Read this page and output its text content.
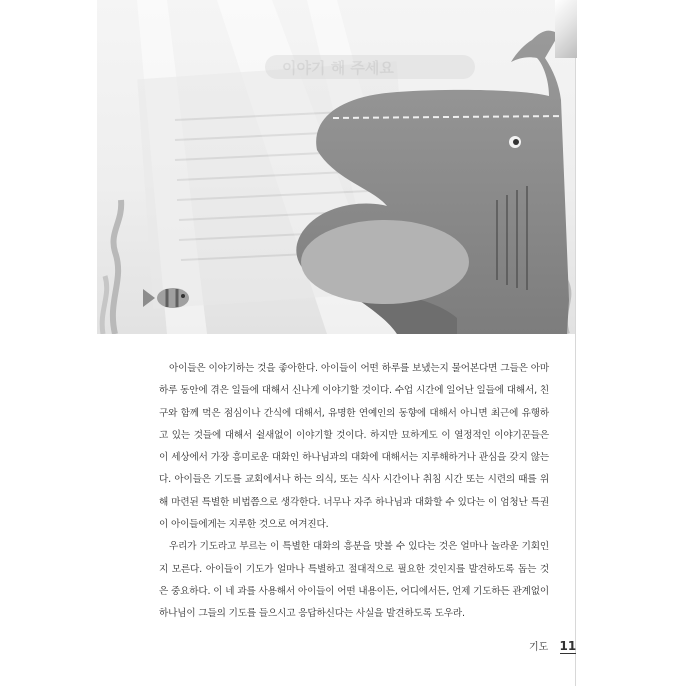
이야기 해 주세요

아이들은 이야기하는 것을 좋아한다. 아이들이 어떤 하루를 보냈는지 물어본다면 그들은 아마 하루 동안에 겪은 일들에 대해서 신나게 이야기할 것이다. 수업 시간에 일어난 일들에 대해서, 친구와 함께 먹은 점심이나 간식에 대해서, 유명한 연예인의 동향에 대해서 아니면 최근에 유행하고 있는 것들에 대해서 쉴새없이 이야기할 것이다. 하지만 묘하게도 이 열정적인 이야기꾼들은 이 세상에서 가장 흥미로운 대화인 하나님과의 대화에 대해서는 지루해하거나 관심을 갖지 않는다. 아이들은 기도를 교회에서나 하는 의식, 또는 식사 시간이나 취침 시간 또는 시련의 때를 위해 마련된 특별한 비법쯤으로 생각한다. 너무나 자주 하나님과 대화할 수 있다는 이 엄청난 특권이 아이들에게는 지루한 것으로 여겨진다.

우리가 기도라고 부르는 이 특별한 대화의 흥분을 맛볼 수 있다는 것은 얼마나 놀라운 기회인지 모른다. 아이들이 기도가 얼마나 특별하고 절대적으로 필요한 것인지를 발견하도록 돕는 것은 중요하다. 이 네 과를 사용해서 아이들이 어떤 내용이든, 어디에서든, 언제 기도하든 관계없이 하나님이 그들의 기도를 들으시고 응답하신다는 사실을 발견하도록 도우라.

기도 11
